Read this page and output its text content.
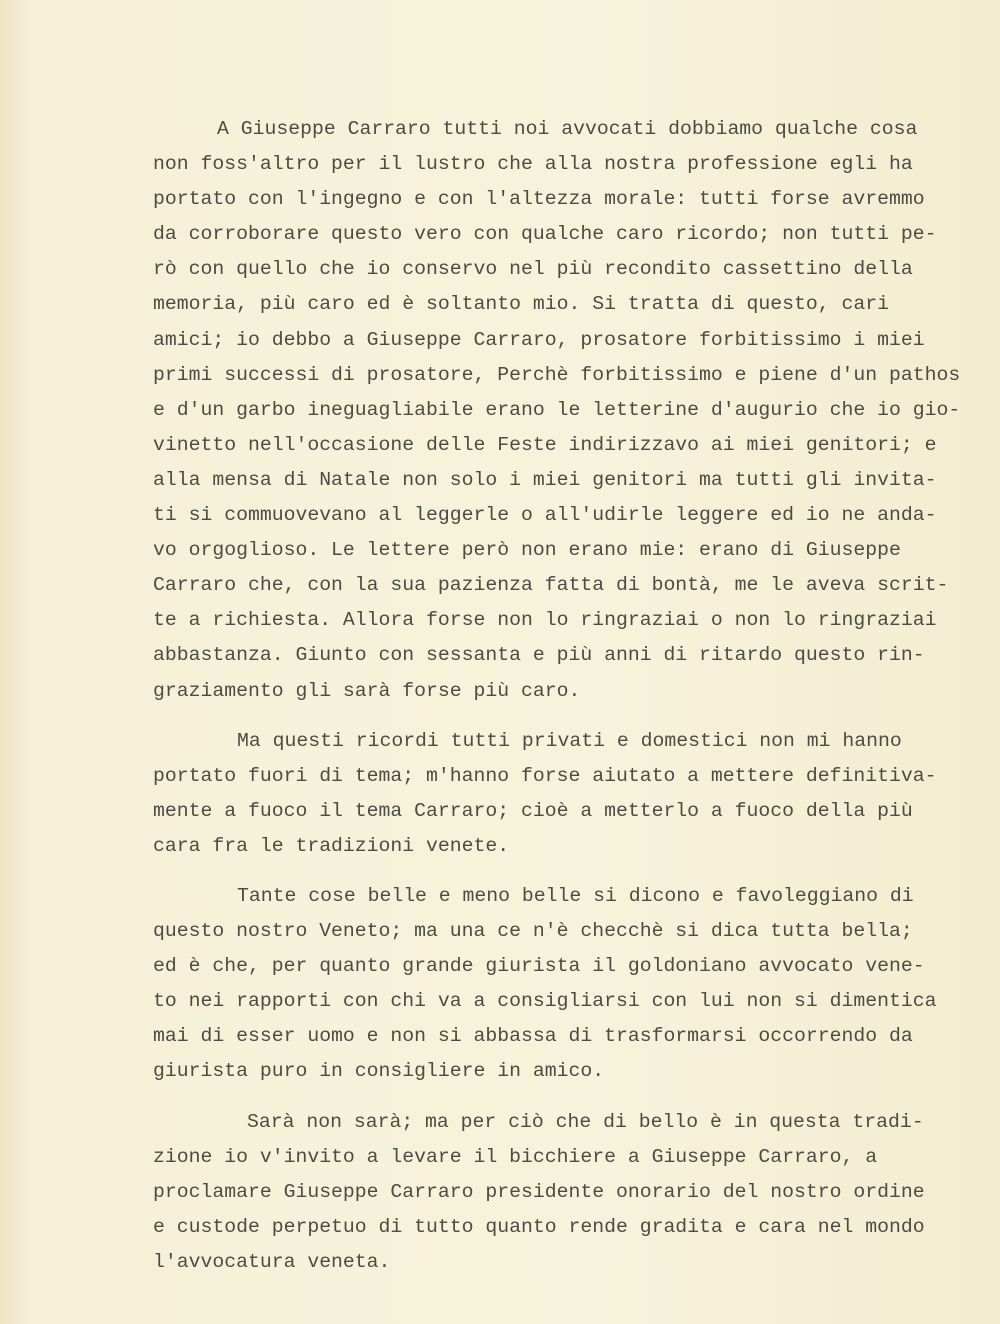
A Giuseppe Carraro tutti noi avvocati dobbiamo qualche cosa
non foss'altro per il lustro che alla nostra professione egli ha
portato con l'ingegno e con l'altezza morale: tutti forse avremmo
da corroborare questo vero con qualche caro ricordo; non tutti pe-
rò con quello che io conservo nel più recondito cassettino della
memoria, più caro ed è soltanto mio. Si tratta di questo, cari
amici; io debbo a Giuseppe Carraro, prosatore forbitissimo i miei
primi successi di prosatore, Perchè forbitissimo e piene d'un pathos
e d'un garbo ineguagliabile erano le letterine d'augurio che io gio-
vinetto nell'occasione delle Feste indirizzavo ai miei genitori; e
alla mensa di Natale non solo i miei genitori ma tutti gli invita-
ti si commuovevano al leggerle o all'udirle leggere ed io ne anda-
vo orgoglioso. Le lettere però non erano mie: erano di Giuseppe
Carraro che, con la sua pazienza fatta di bontà, me le aveva scrit-
te a richiesta. Allora forse non lo ringraziai o non lo ringraziai
abbastanza. Giunto con sessanta e più anni di ritardo questo rin-
graziamento gli sarà forse più caro.
Ma questi ricordi tutti privati e domestici non mi hanno
portato fuori di tema; m'hanno forse aiutato a mettere definitiva-
mente a fuoco il tema Carraro; cioè a metterlo a fuoco della più
cara fra le tradizioni venete.
Tante cose belle e meno belle si dicono e favoleggiano di
questo nostro Veneto; ma una ce n'è checchè si dica tutta bella;
ed è che, per quanto grande giurista il goldoniano avvocato vene-
to nei rapporti con chi va a consigliarsi con lui non si dimentica
mai di esser uomo e non si abbassa di trasformarsi occorrendo da
giurista puro in consigliere in amico.
Sarà non sarà; ma per ciò che di bello è in questa tradi-
zione io v'invito a levare il bicchiere a Giuseppe Carraro, a
proclamare Giuseppe Carraro presidente onorario del nostro ordine
e custode perpetuo di tutto quanto rende gradita e cara nel mondo
l'avvocatura veneta.
